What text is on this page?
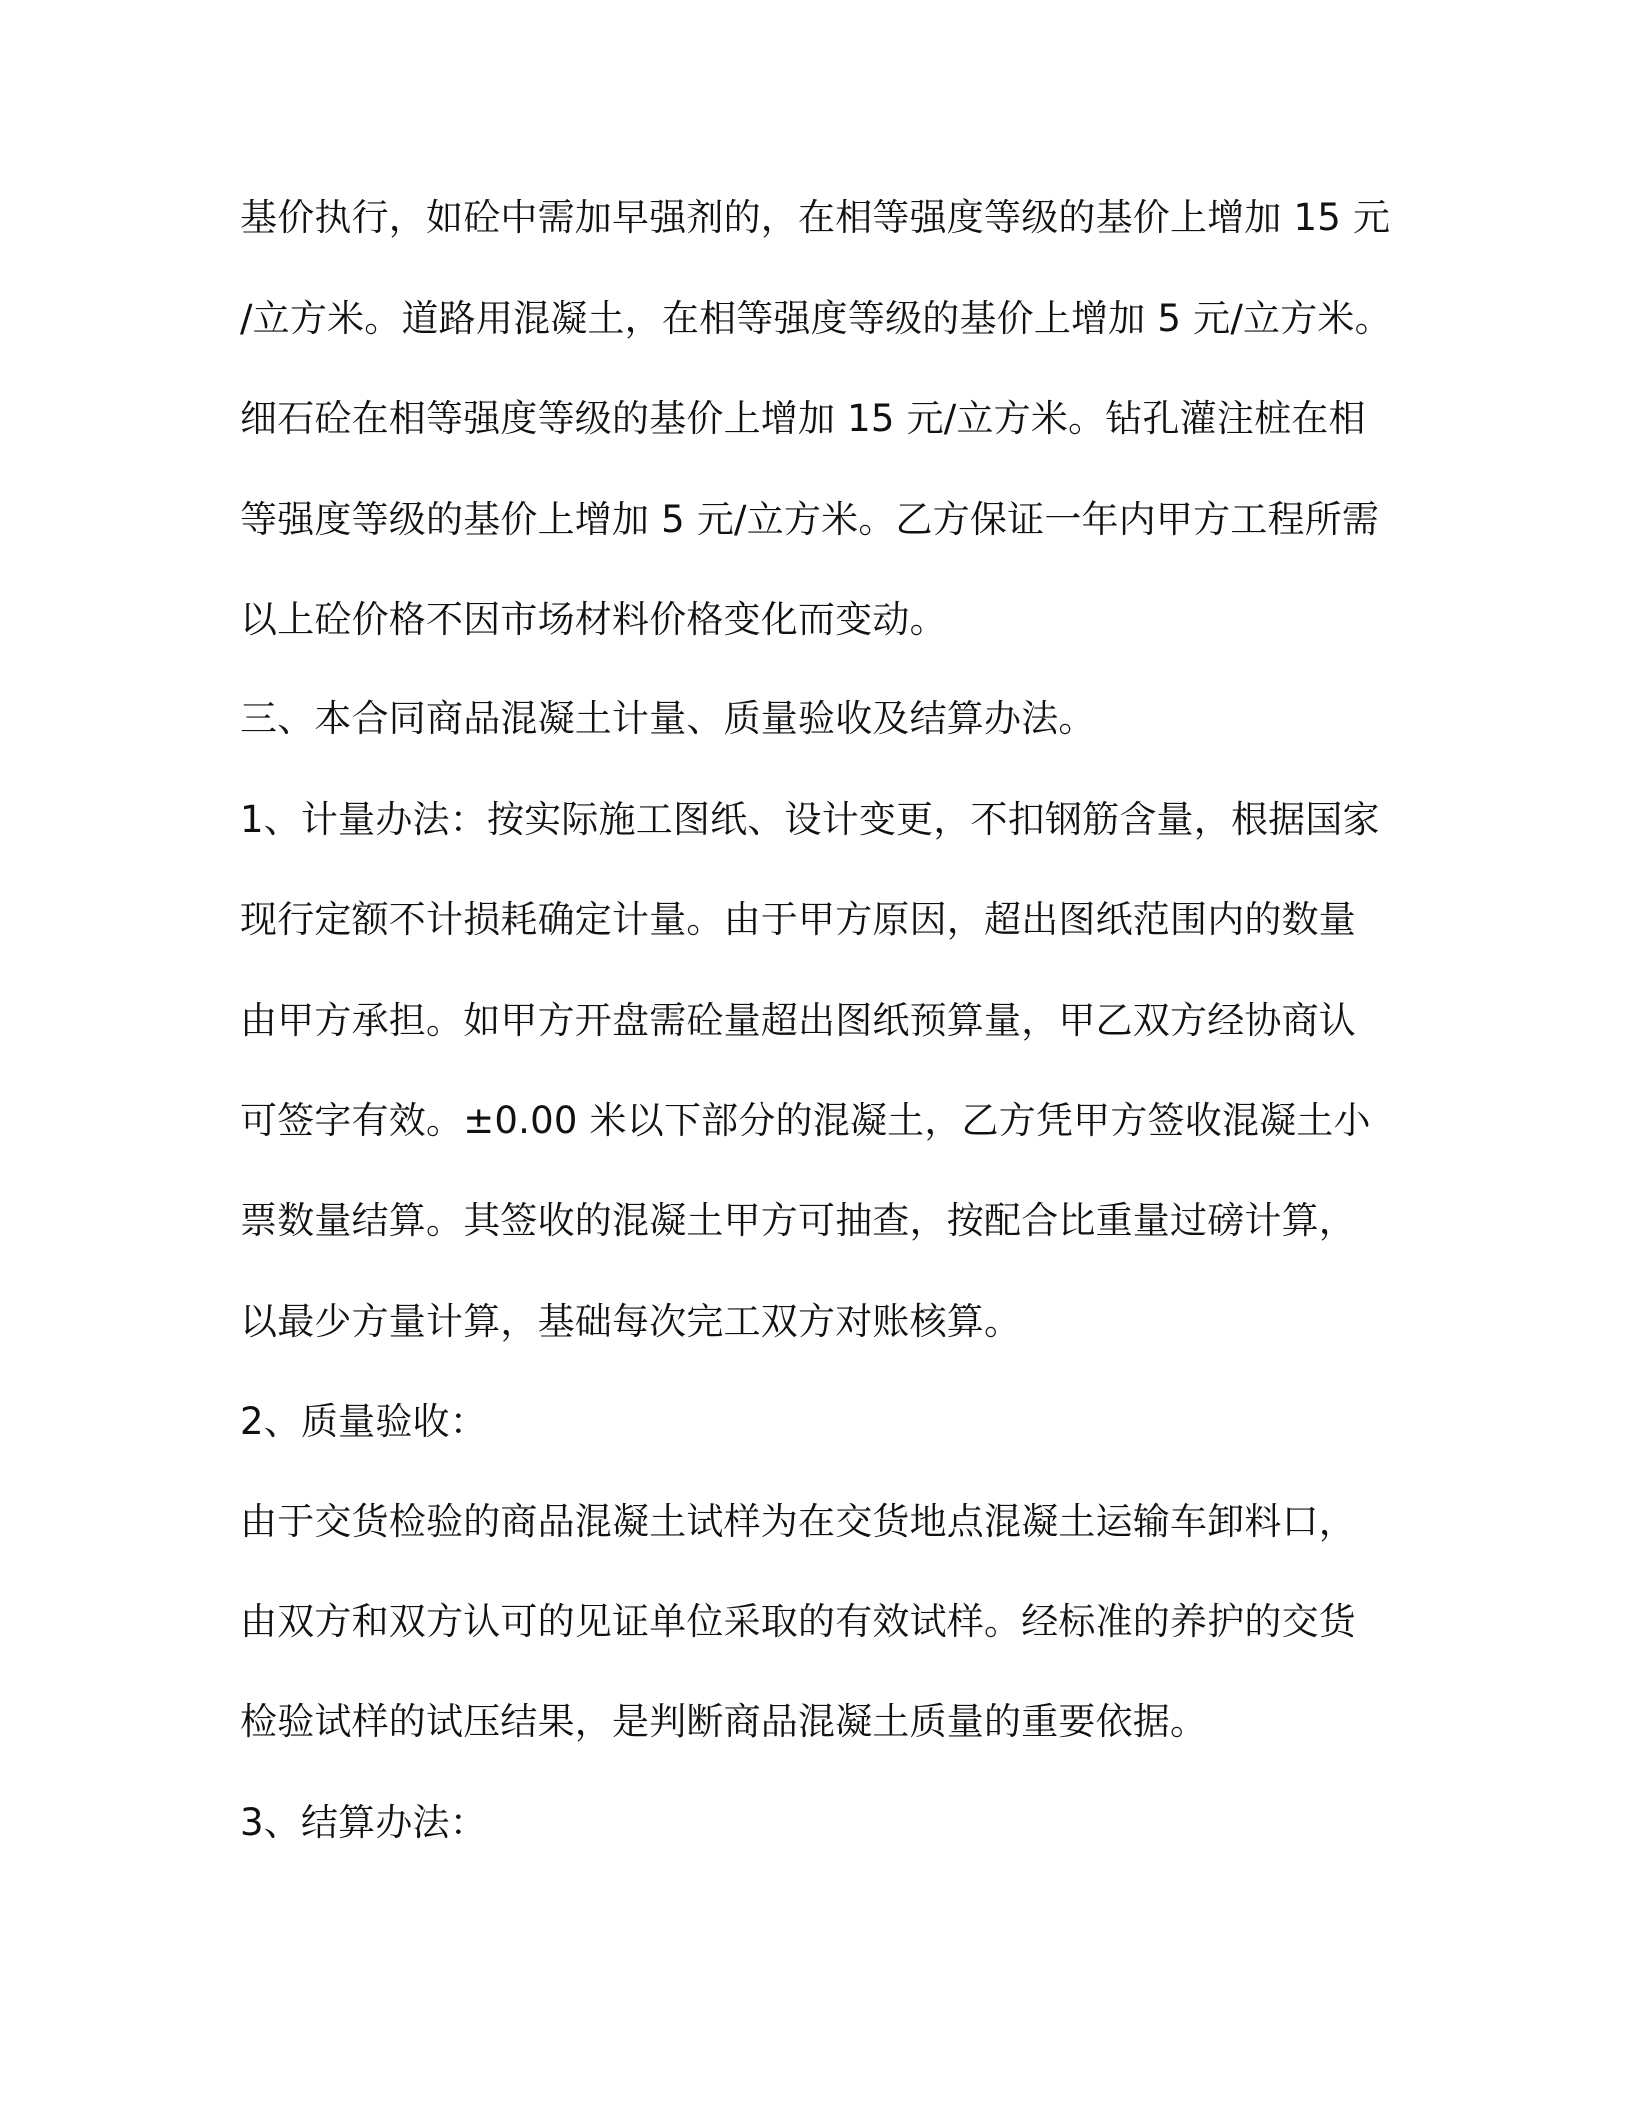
基价执行，如砼中需加早强剂的，在相等强度等级的基价上增加 15 元
/立方米。道路用混凝土，在相等强度等级的基价上增加 5 元/立方米。
细石砼在相等强度等级的基价上增加 15 元/立方米。钻孔灌注桩在相
等强度等级的基价上增加 5 元/立方米。乙方保证一年内甲方工程所需
以上砼价格不因市场材料价格变化而变动。
三、本合同商品混凝土计量、质量验收及结算办法。
1、计量办法：按实际施工图纸、设计变更，不扣钢筋含量，根据国家
现行定额不计损耗确定计量。由于甲方原因，超出图纸范围内的数量
由甲方承担。如甲方开盘需砼量超出图纸预算量，甲乙双方经协商认
可签字有效。±0.00 米以下部分的混凝土，乙方凭甲方签收混凝土小
票数量结算。其签收的混凝土甲方可抽查，按配合比重量过磅计算，
以最少方量计算，基础每次完工双方对账核算。
2、质量验收：
由于交货检验的商品混凝土试样为在交货地点混凝土运输车卸料口，
由双方和双方认可的见证单位采取的有效试样。经标准的养护的交货
检验试样的试压结果，是判断商品混凝土质量的重要依据。
3、结算办法：
